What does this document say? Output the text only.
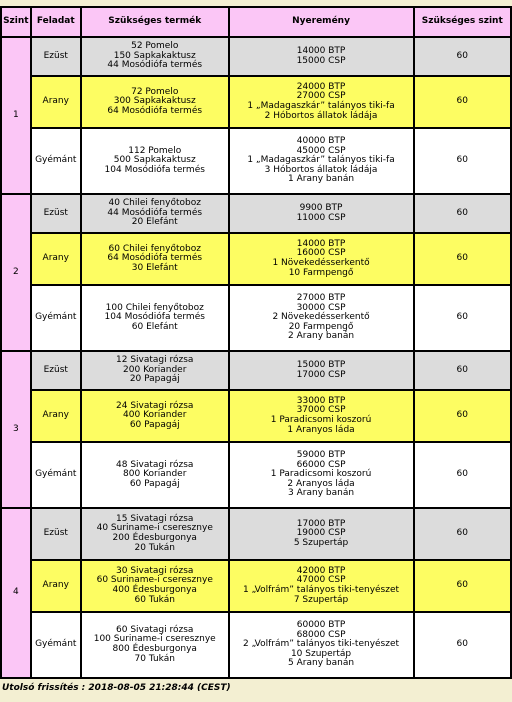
Szint	Feladat	Szükséges termék	Nyeremény	Szükséges szint
1	Ezüst	52 Pomelo
150 Sapkakaktusz
44 Mosódiófa termés	14000 BTP
15000 CSP	60
	Arany	72 Pomelo
300 Sapkakaktusz
64 Mosódiófa termés	24000 BTP
27000 CSP
1 „Madagaszkár” talányos tiki-fa
2 Hóbortos állatok ládája	60
	Gyémánt	112 Pomelo
500 Sapkakaktusz
104 Mosódiófa termés	40000 BTP
45000 CSP
1 „Madagaszkár” talányos tiki-fa
3 Hóbortos állatok ládája
1 Arany banán	60
2	Ezüst	40 Chilei fenyőtoboz
44 Mosódiófa termés
20 Elefánt	9900 BTP
11000 CSP	60
	Arany	60 Chilei fenyőtoboz
64 Mosódiófa termés
30 Elefánt	14000 BTP
16000 CSP
1 Növekedésserkentő
10 Farmpengő	60
	Gyémánt	100 Chilei fenyőtoboz
104 Mosódiófa termés
60 Elefánt	27000 BTP
30000 CSP
2 Növekedésserkentő
20 Farmpengő
2 Arany banán	60
3	Ezüst	12 Sivatagi rózsa
200 Koriander
20 Papagáj	15000 BTP
17000 CSP	60
	Arany	24 Sivatagi rózsa
400 Koriander
60 Papagáj	33000 BTP
37000 CSP
1 Paradicsomi koszorú
1 Aranyos láda	60
	Gyémánt	48 Sivatagi rózsa
800 Koriander
60 Papagáj	59000 BTP
66000 CSP
1 Paradicsomi koszorú
2 Aranyos láda
3 Arany banán	60
4	Ezüst	15 Sivatagi rózsa
40 Suriname-i cseresznye
200 Édesburgonya
20 Tukán	17000 BTP
19000 CSP
5 Szupertáp	60
	Arany	30 Sivatagi rózsa
60 Suriname-i cseresznye
400 Édesburgonya
60 Tukán	42000 BTP
47000 CSP
1 „Volfrám” talányos tiki-tenyészet
7 Szupertáp	60
	Gyémánt	60 Sivatagi rózsa
100 Suriname-i cseresznye
800 Édesburgonya
70 Tukán	60000 BTP
68000 CSP
2 „Volfrám” talányos tiki-tenyészet
10 Szupertáp
5 Arany banán	60
Utolsó frissítés : 2018-08-05 21:28:44 (CEST)
